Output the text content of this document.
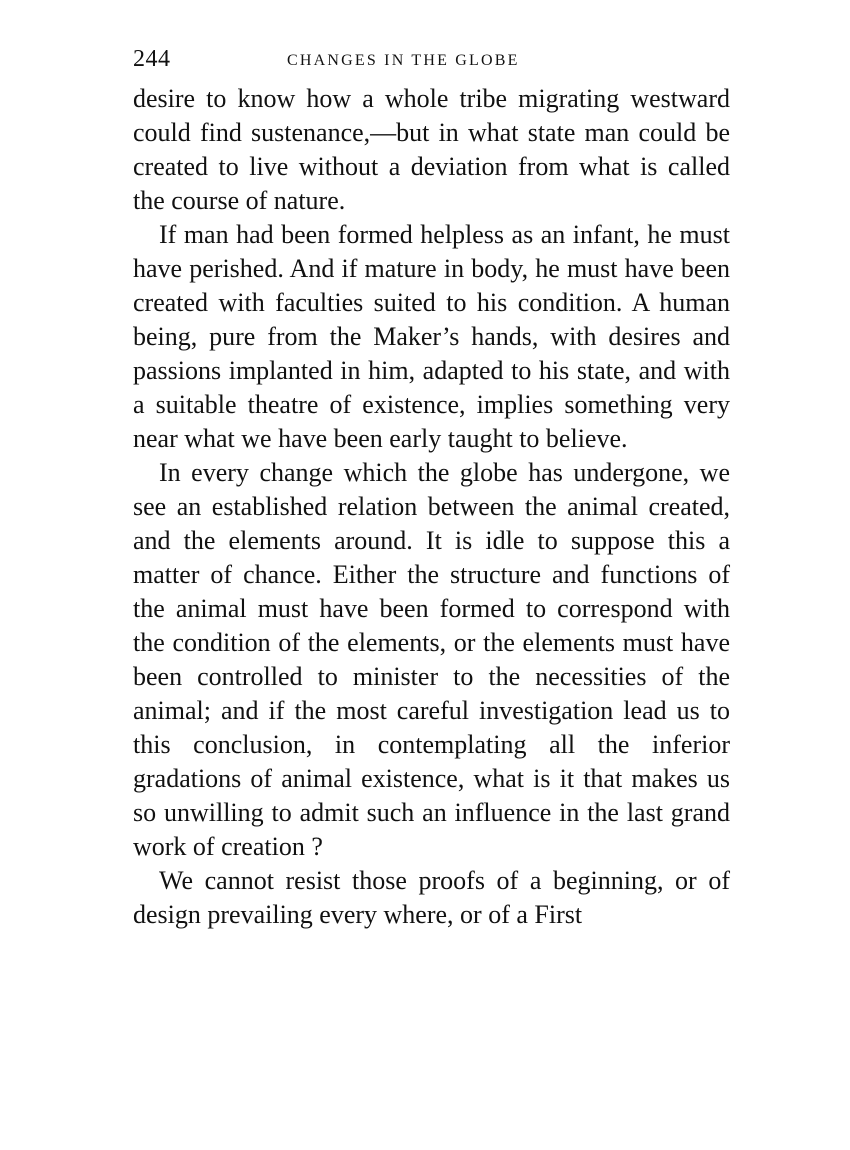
244	CHANGES IN THE GLOBE

desire to know how a whole tribe migrating westward could find sustenance,—but in what state man could be created to live without a deviation from what is called the course of nature.

If man had been formed helpless as an infant, he must have perished. And if mature in body, he must have been created with faculties suited to his condition. A human being, pure from the Maker’s hands, with desires and passions implanted in him, adapted to his state, and with a suitable theatre of existence, implies something very near what we have been early taught to believe.

In every change which the globe has undergone, we see an established relation between the animal created, and the elements around. It is idle to suppose this a matter of chance. Either the structure and functions of the animal must have been formed to correspond with the condition of the elements, or the elements must have been controlled to minister to the necessities of the animal; and if the most careful investigation lead us to this conclusion, in contemplating all the inferior gradations of animal existence, what is it that makes us so unwilling to admit such an influence in the last grand work of creation ?

We cannot resist those proofs of a beginning, or of design prevailing every where, or of a First
